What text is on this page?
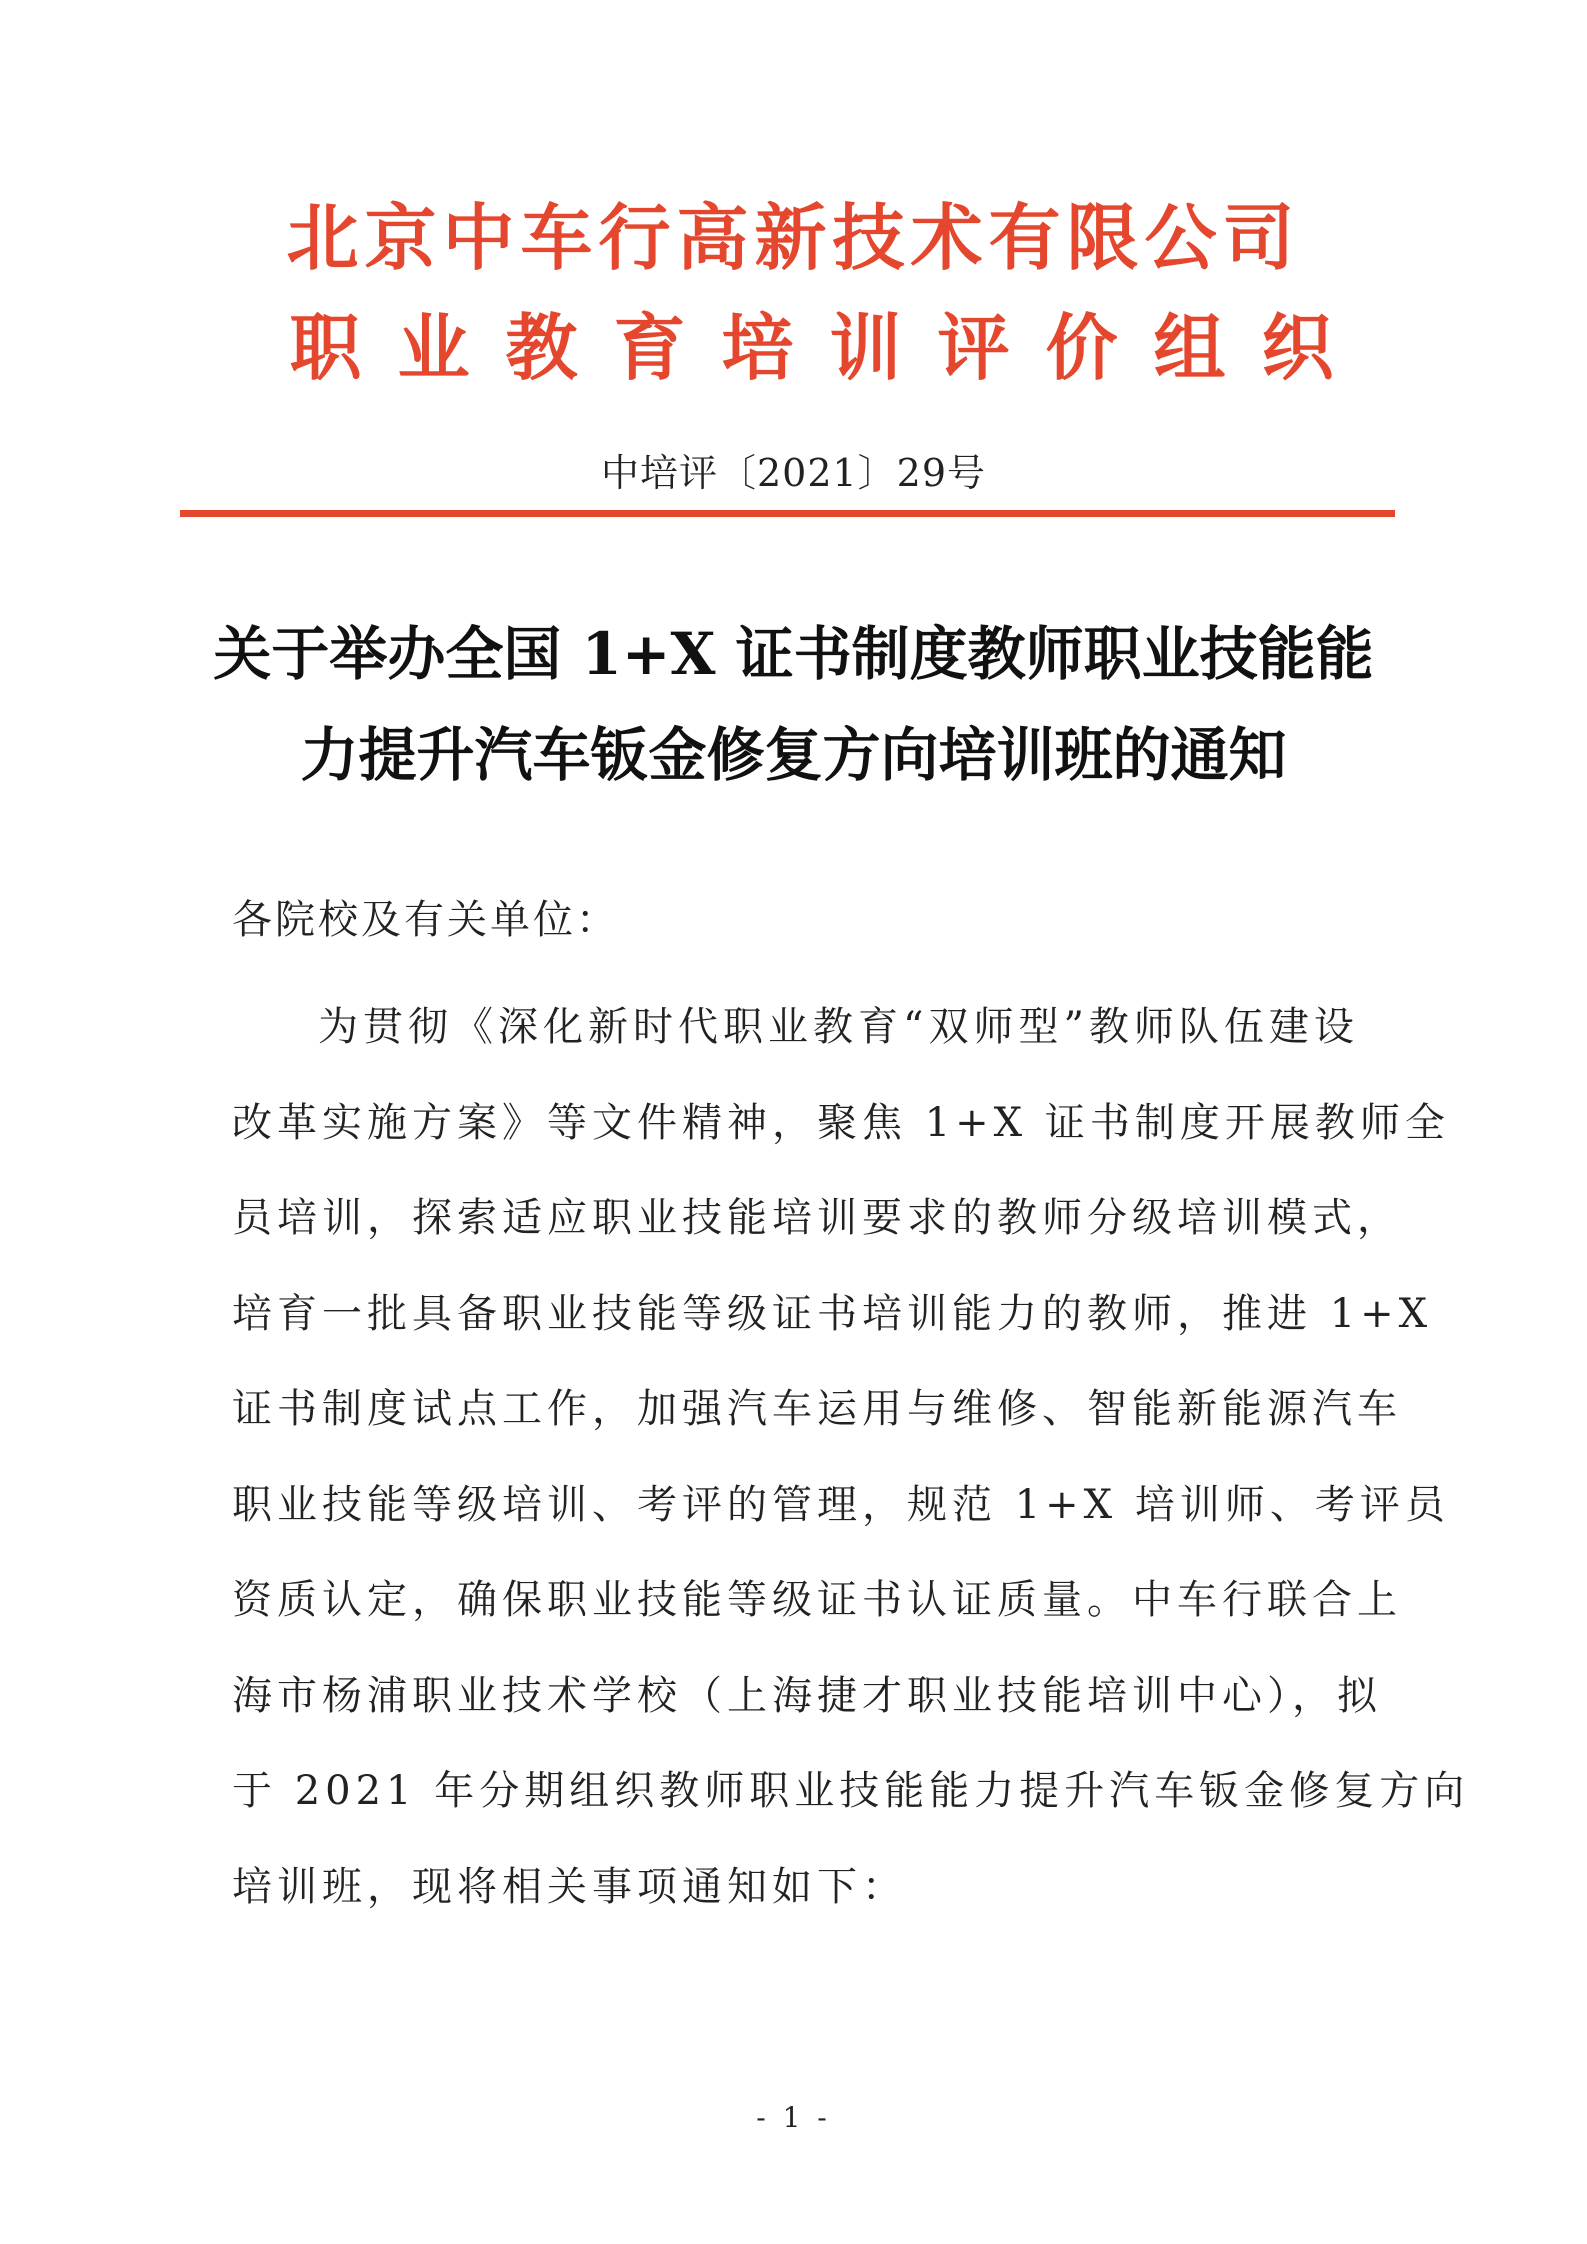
北京中车行高新技术有限公司
职业教育培训评价组织
中培评〔2021〕29号
关于举办全国 1+X 证书制度教师职业技能能
力提升汽车钣金修复方向培训班的通知
各院校及有关单位：
为贯彻《深化新时代职业教育“双师型”教师队伍建设
改革实施方案》等文件精神，聚焦 1+X 证书制度开展教师全
员培训，探索适应职业技能培训要求的教师分级培训模式，
培育一批具备职业技能等级证书培训能力的教师，推进 1+X
证书制度试点工作，加强汽车运用与维修、智能新能源汽车
职业技能等级培训、考评的管理，规范 1+X 培训师、考评员
资质认定，确保职业技能等级证书认证质量。中车行联合上
海市杨浦职业技术学校（上海捷才职业技能培训中心），拟
于 2021 年分期组织教师职业技能能力提升汽车钣金修复方向
培训班，现将相关事项通知如下：
- 1 -
